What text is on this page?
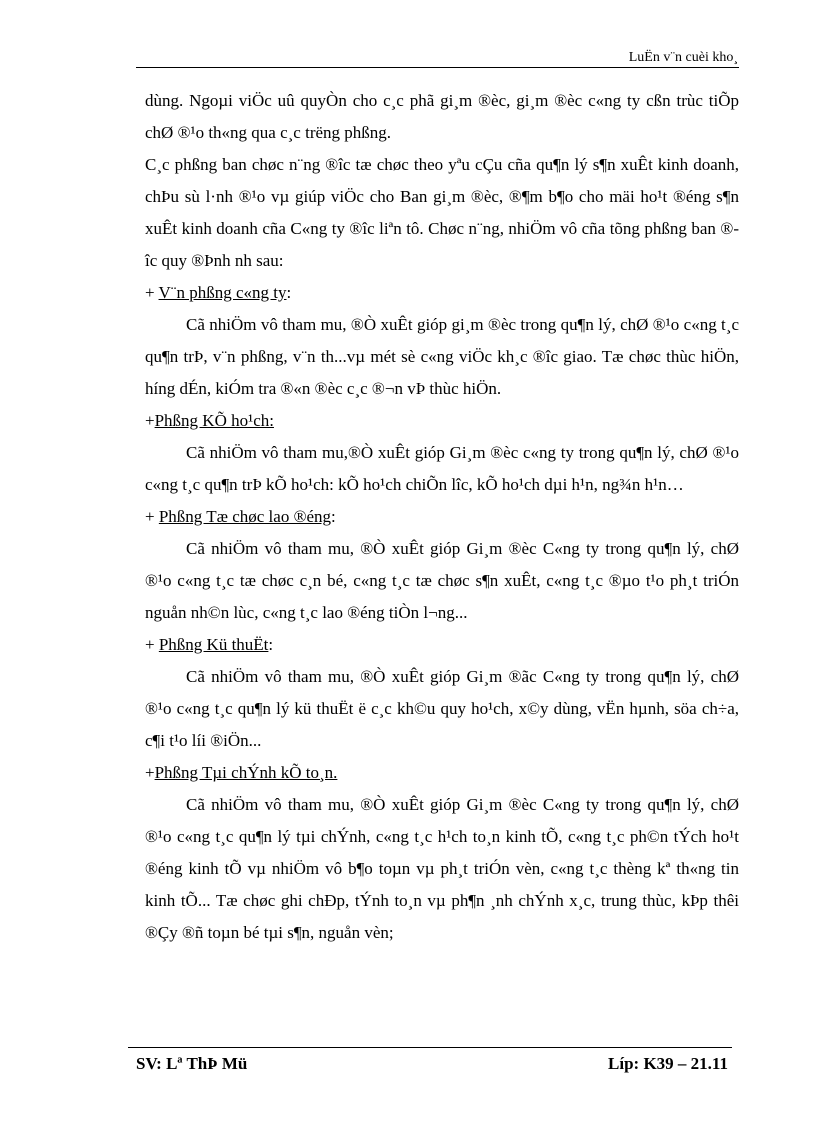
LuËn v¨n cuèi kho¸

dùng. Ngoµi viÖc uû quyÒn cho c¸c phã gi¸m ®èc, gi¸m ®èc c«ng ty cßn trùc tiÕp chØ ®¹o th«ng qua c¸c trëng phßng.

C¸c phßng ban chøc n¨ng ®îc tæ chøc theo yªu cÇu cña qu¶n lý s¶n xuÊt kinh doanh, chÞu sù l·nh ®¹o vµ giúp viÖc cho Ban gi¸m ®èc, ®¶m b¶o cho mäi ho¹t ®éng s¶n xuÊt kinh doanh cña C«ng ty ®îc liªn tô. Chøc n¨ng, nhiÖm vô cña tõng phßng ban ®îc quy ®Þnh nh sau:

+ V¨n phßng c«ng ty:

Cã nhiÖm vô tham mu, ®Ò xuÊt gióp gi¸m ®èc trong qu¶n lý, chØ ®¹o c«ng t¸c qu¶n trÞ, v¨n phßng, v¨n th...vµ mét sè c«ng viÖc kh¸c ®îc giao. Tæ chøc thùc hiÖn, híng dÉn, kiÓm tra ®«n ®èc c¸c ®¬n vÞ thùc hiÖn.

+Phßng KÕ ho¹ch:

Cã nhiÖm vô tham mu,®Ò xuÊt gióp Gi¸m ®èc c«ng ty trong qu¶n lý, chØ ®¹o c«ng t¸c qu¶n trÞ kÕ ho¹ch: kÕ ho¹ch chiÕn lîc, kÕ ho¹ch dµi h¹n, ng¾n h¹n…

+ Phßng Tæ chøc lao ®éng:

Cã nhiÖm vô tham mu, ®Ò xuÊt gióp Gi¸m ®èc C«ng ty trong qu¶n lý, chØ ®¹o c«ng t¸c tæ chøc c¸n bé, c«ng t¸c tæ chøc s¶n xuÊt, c«ng t¸c ®µo t¹o ph¸t triÓn nguån nh©n lùc, c«ng t¸c lao ®éng tiÒn l¬ng...

+ Phßng Kü thuËt:

Cã nhiÖm vô tham mu, ®Ò xuÊt gióp Gi¸m ®ãc C«ng ty trong qu¶n lý, chØ ®¹o c«ng t¸c qu¶n lý kü thuËt ë c¸c kh©u quy ho¹ch, x©y dùng, vËn hµnh, söa ch÷a, c¶i t¹o líi ®iÖn...

+Phßng Tµi chÝnh kÕ to¸n.

Cã nhiÖm vô tham mu, ®Ò xuÊt gióp Gi¸m ®èc C«ng ty trong qu¶n lý, chØ ®¹o c«ng t¸c qu¶n lý tµi chÝnh, c«ng t¸c h¹ch to¸n kinh tÕ, c«ng t¸c ph©n tÝch ho¹t ®éng kinh tÕ vµ nhiÖm vô b¶o toµn vµ ph¸t triÓn vèn, c«ng t¸c thèng kª th«ng tin kinh tÕ... Tæ chøc ghi chÐp, tÝnh to¸n vµ ph¶n ¸nh chÝnh x¸c, trung thùc, kÞp thêi ®Çy ®ñ toµn bé tµi s¶n, nguån vèn;

SV: Lª ThÞ Mü	Líp: K39 – 21.11
